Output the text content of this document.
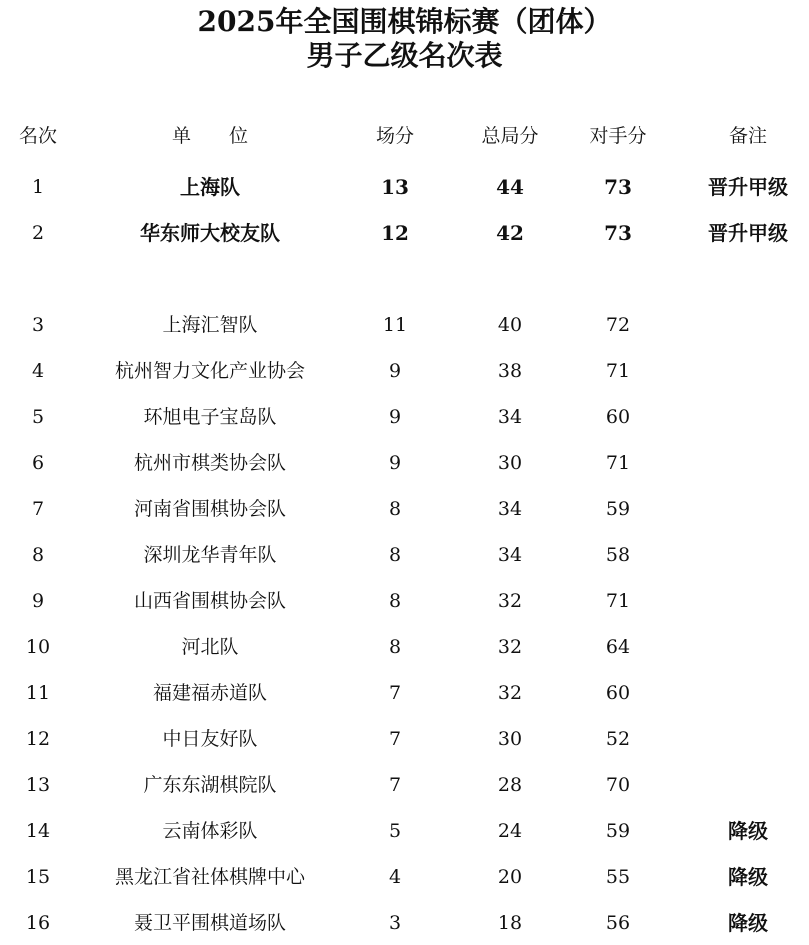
2025年全国围棋锦标赛（团体）
男子乙级名次表
名次	单　　位	场分	总局分	对手分	备注
1	上海队	13	44	73	晋升甲级
2	华东师大校友队	12	42	73	晋升甲级
3	上海汇智队	11	40	72
4	杭州智力文化产业协会	9	38	71
5	环旭电子宝岛队	9	34	60
6	杭州市棋类协会队	9	30	71
7	河南省围棋协会队	8	34	59
8	深圳龙华青年队	8	34	58
9	山西省围棋协会队	8	32	71
10	河北队	8	32	64
11	福建福赤道队	7	32	60
12	中日友好队	7	30	52
13	广东东湖棋院队	7	28	70
14	云南体彩队	5	24	59	降级
15	黑龙江省社体棋牌中心	4	20	55	降级
16	聂卫平围棋道场队	3	18	56	降级
